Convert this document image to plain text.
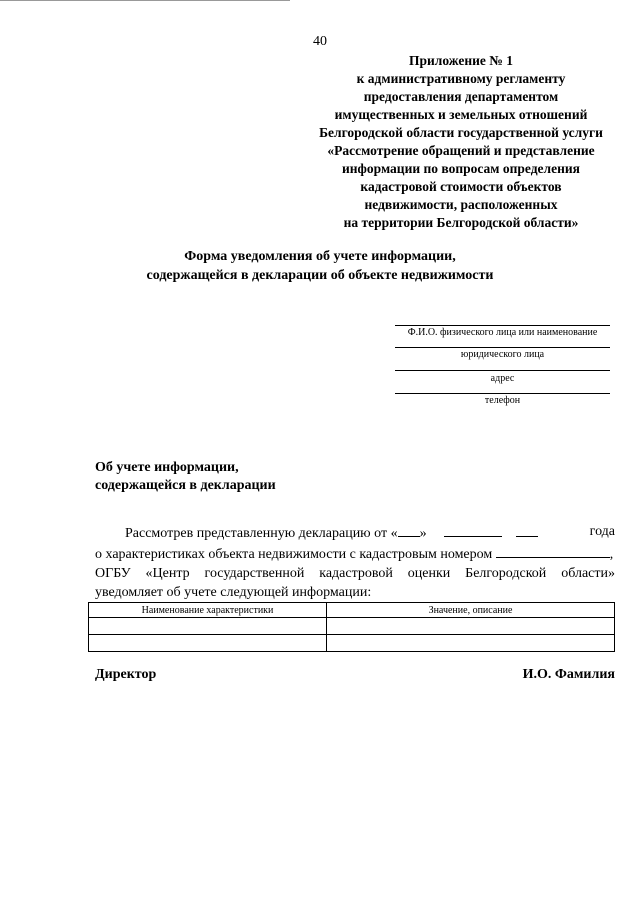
40
Приложение № 1
к административному регламенту
предоставления департаментом
имущественных и земельных отношений
Белгородской области государственной услуги
«Рассмотрение обращений и представление
информации по вопросам определения
кадастровой стоимости объектов
недвижимости, расположенных
на территории Белгородской области»
Форма уведомления об учете информации,
содержащейся в декларации об объекте недвижимости
Ф.И.О. физического лица или наименование
юридического лица
адрес
телефон
Об учете информации,
содержащейся в декларации

Рассмотрев представленную декларацию от « »	года

о характеристиках объекта недвижимости с кадастровым номером	,

ОГБУ «Центр государственной кадастровой оценки Белгородской области»

уведомляет об учете следующей информации:

Наименование характеристики	Значение, описание

Директор	И.О. Фамилия
